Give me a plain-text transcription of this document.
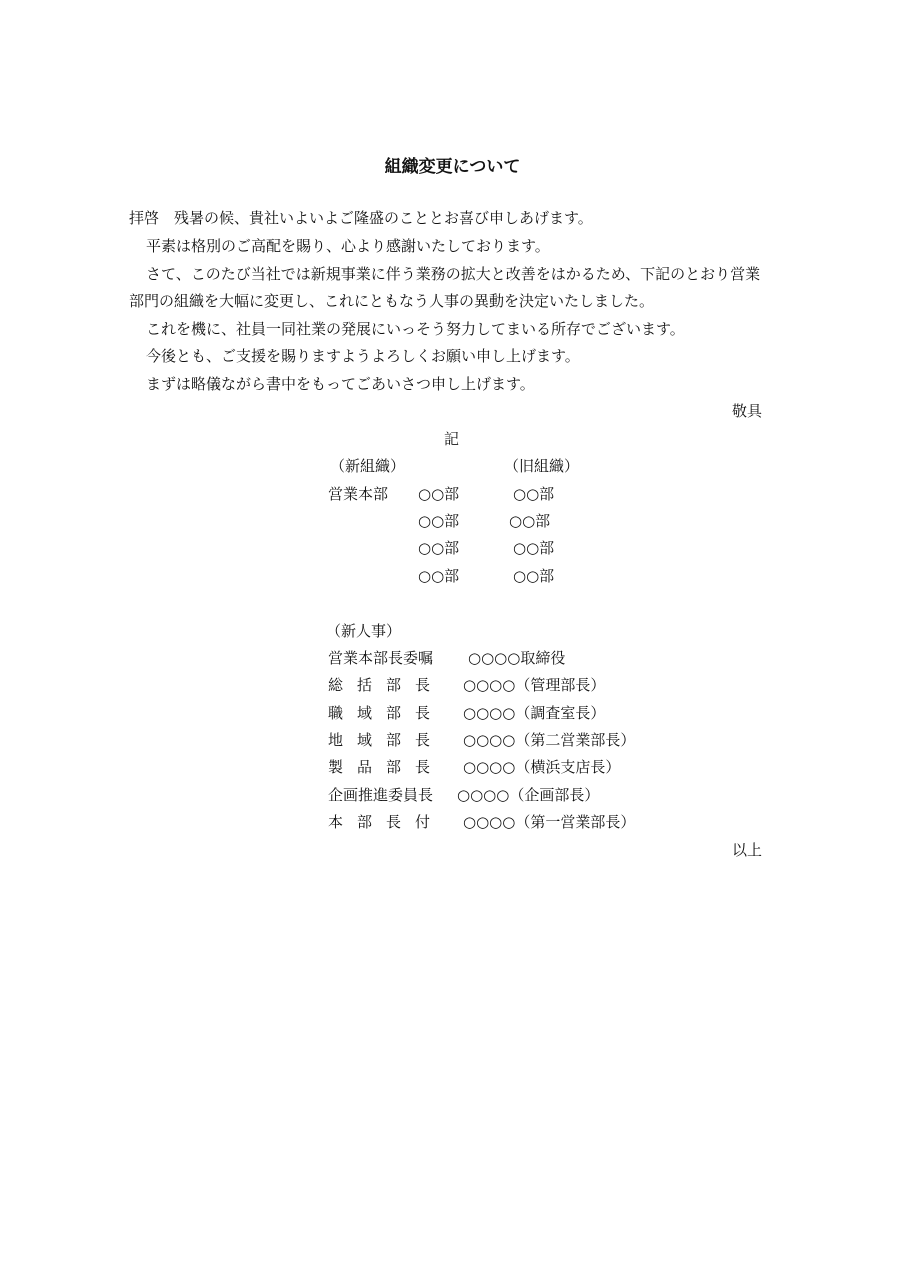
組織変更について
拝啓　残暑の候、貴社いよいよご隆盛のこととお喜び申しあげます。
平素は格別のご高配を賜り、心より感謝いたしております。
さて、このたび当社では新規事業に伴う業務の拡大と改善をはかるため、下記のとおり営業
部門の組織を大幅に変更し、これにともなう人事の異動を決定いたしました。
これを機に、社員一同社業の発展にいっそう努力してまいる所存でございます。
今後とも、ご支援を賜りますようよろしくお願い申し上げます。
まずは略儀ながら書中をもってごあいさつ申し上げます。
敬具
記
（新組織）	（旧組織）
営業本部 ○○部	○○部
○○部	○○部
○○部	○○部
○○部	○○部
（新人事）
営業本部長委嘱 ○○○○取締役
総括部長 ○○○○（管理部長）
職域部長 ○○○○（調査室長）
地域部長 ○○○○（第二営業部長）
製品部長 ○○○○（横浜支店長）
企画推進委員長 ○○○○（企画部長）
本部長付 ○○○○（第一営業部長）
以上
